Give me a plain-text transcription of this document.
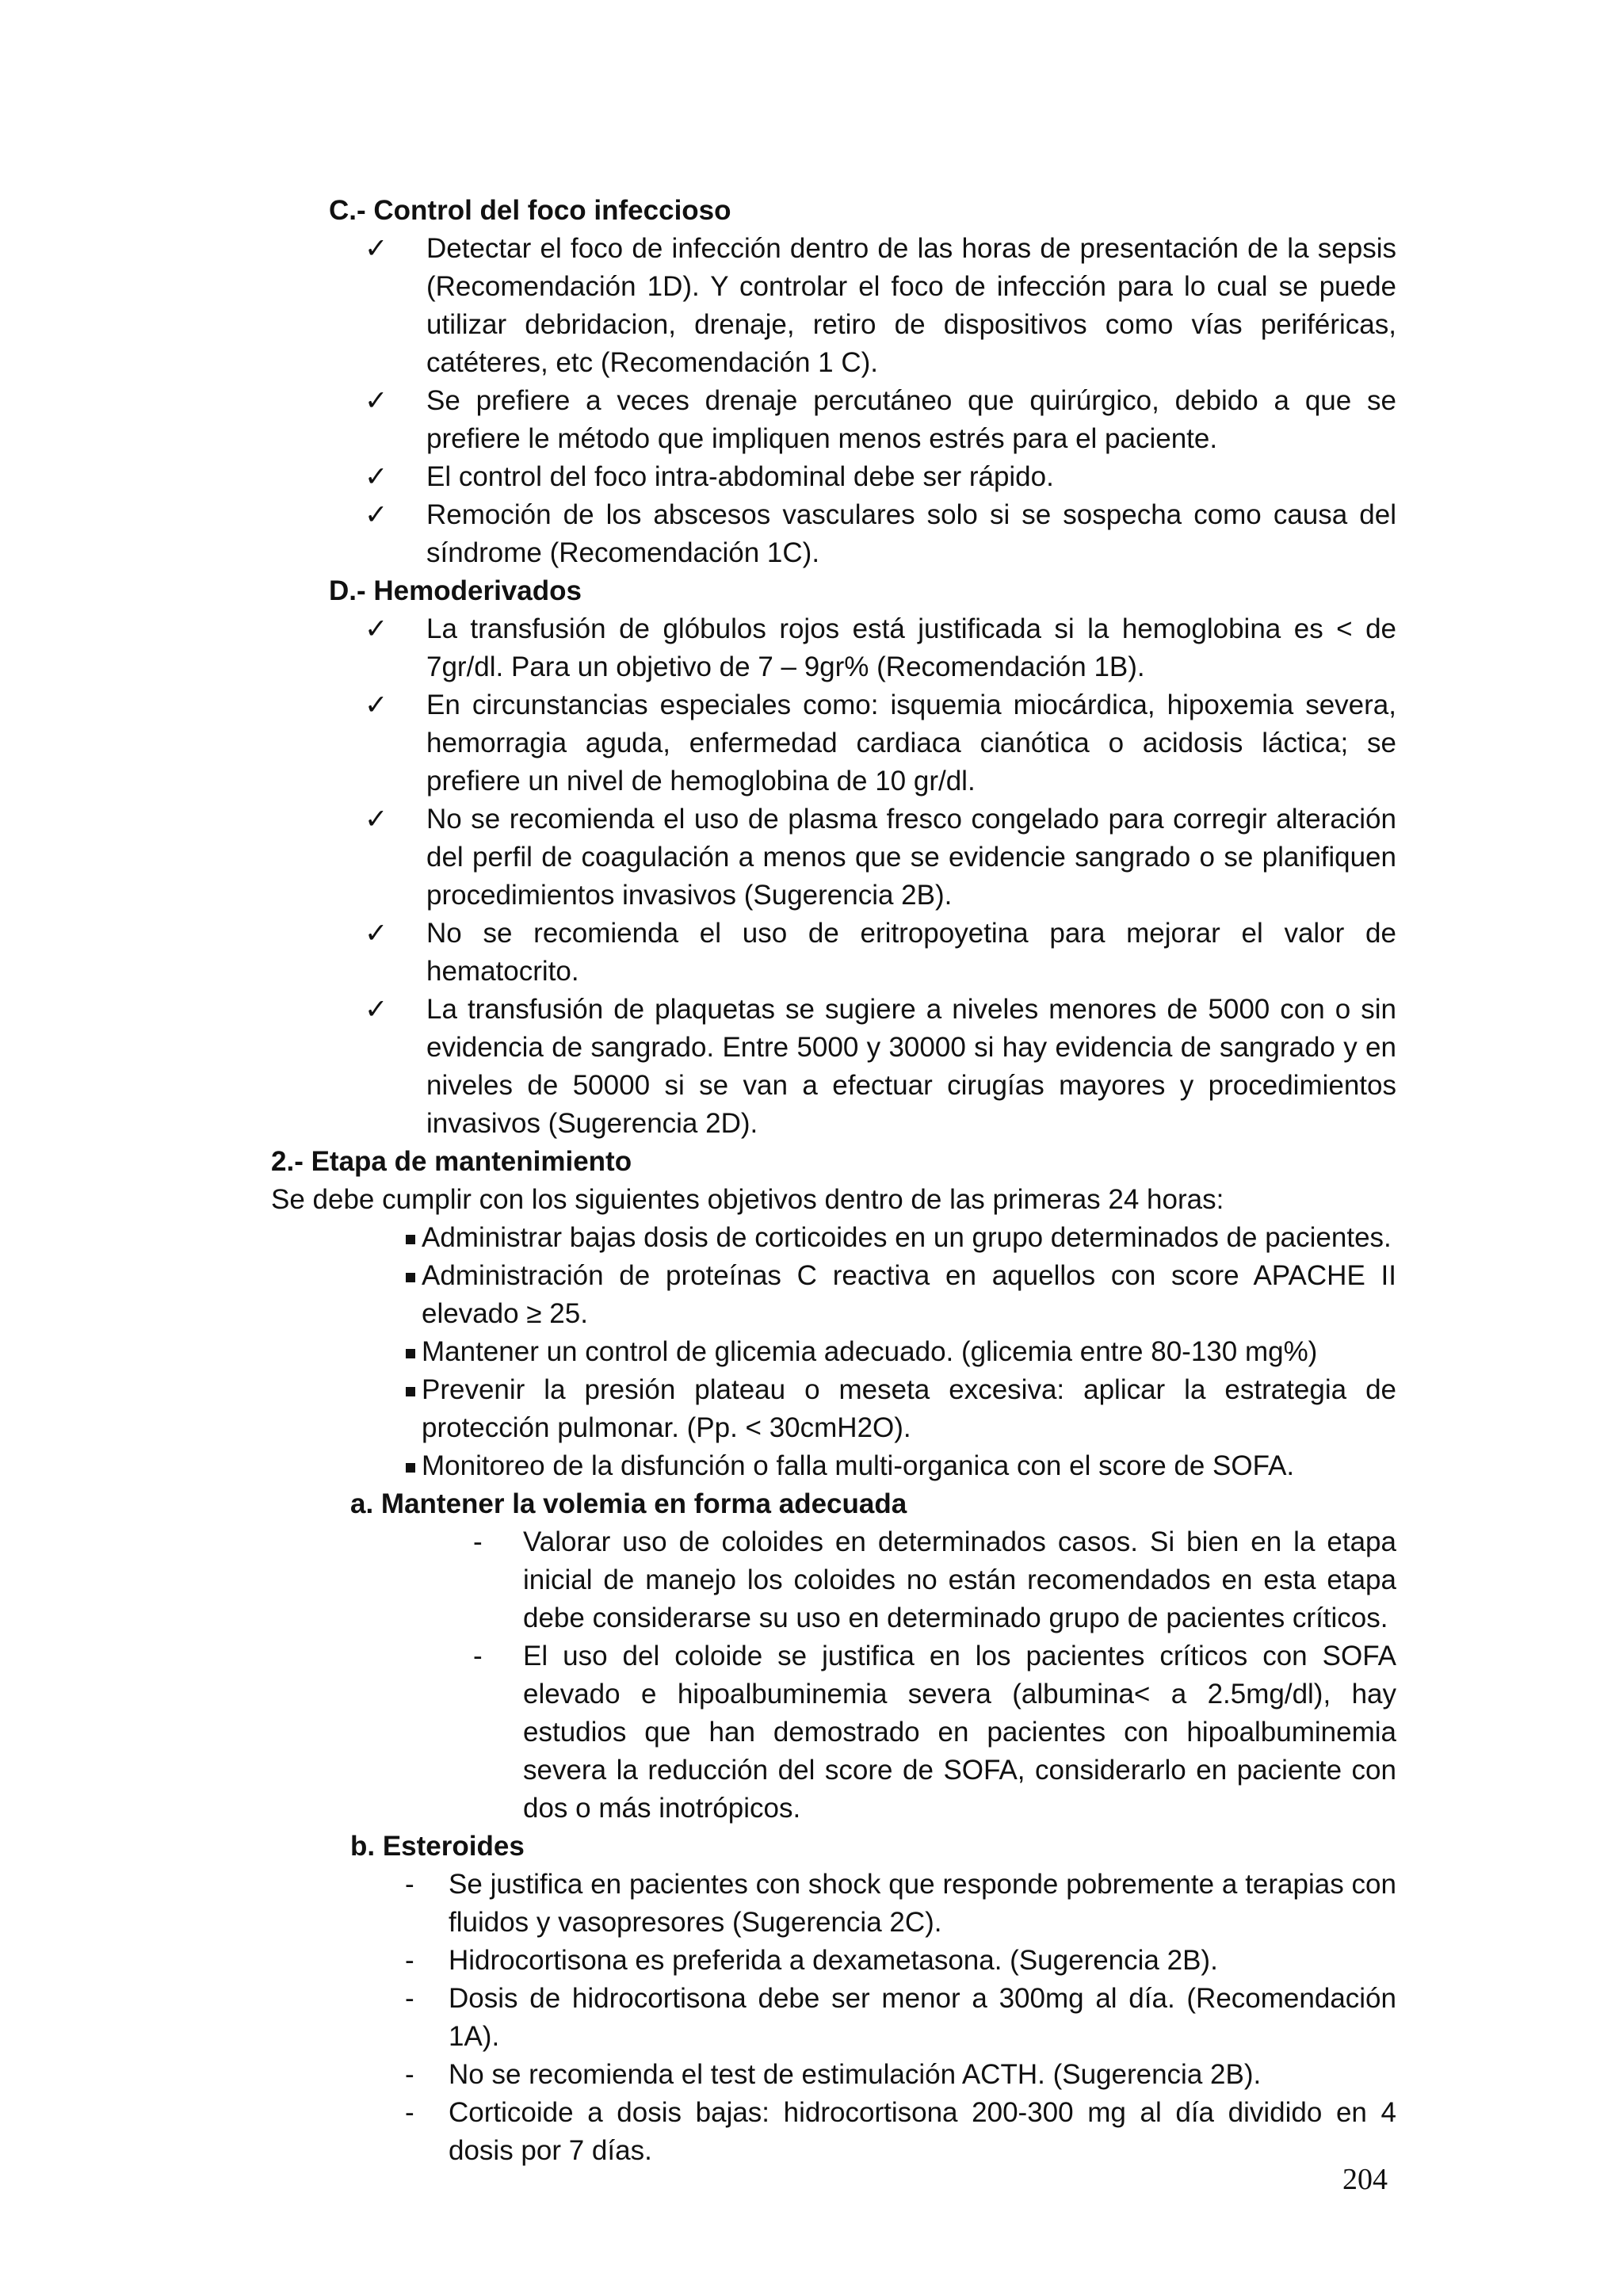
C.- Control del foco infeccioso
✓ Detectar el foco de infección dentro de las horas de presentación de la sepsis (Recomendación 1D). Y controlar el foco de infección para lo cual se puede utilizar debridacion, drenaje, retiro de dispositivos como vías periféricas, catéteres, etc (Recomendación 1 C).
✓ Se prefiere a veces drenaje percutáneo que quirúrgico, debido a que se prefiere le método que impliquen menos estrés para el paciente.
✓ El control del foco intra-abdominal debe ser rápido.
✓ Remoción de los abscesos vasculares solo si se sospecha como causa del síndrome (Recomendación 1C).
D.- Hemoderivados
✓ La transfusión de glóbulos rojos está justificada si la hemoglobina es < de 7gr/dl. Para un objetivo de 7 – 9gr% (Recomendación 1B).
✓ En circunstancias especiales como: isquemia miocárdica, hipoxemia severa, hemorragia aguda, enfermedad cardiaca cianótica o acidosis láctica; se prefiere un nivel de hemoglobina de 10 gr/dl.
✓ No se recomienda el uso de plasma fresco congelado para corregir alteración del perfil de coagulación a menos que se evidencie sangrado o se planifiquen procedimientos invasivos (Sugerencia 2B).
✓ No se recomienda el uso de eritropoyetina para mejorar el valor de hematocrito.
✓ La transfusión de plaquetas se sugiere a niveles menores de 5000 con o sin evidencia de sangrado. Entre 5000 y 30000 si hay evidencia de sangrado y en niveles de 50000 si se van a efectuar cirugías mayores y procedimientos invasivos (Sugerencia 2D).
2.- Etapa de mantenimiento
Se debe cumplir con los siguientes objetivos dentro de las primeras 24 horas:
Administrar bajas dosis de corticoides en un grupo determinados de pacientes.
Administración de proteínas C reactiva en aquellos con score APACHE II elevado ≥ 25.
Mantener un control de glicemia adecuado. (glicemia entre 80-130 mg%)
Prevenir la presión plateau o meseta excesiva: aplicar la estrategia de protección pulmonar. (Pp. < 30cmH2O).
Monitoreo de la disfunción o falla multi-organica con el score de SOFA.
a. Mantener la volemia en forma adecuada
- Valorar uso de coloides en determinados casos. Si bien en la etapa inicial de manejo los coloides no están recomendados en esta etapa debe considerarse su uso en determinado grupo de pacientes críticos.
- El uso del coloide se justifica en los pacientes críticos con SOFA elevado e hipoalbuminemia severa (albumina< a 2.5mg/dl), hay estudios que han demostrado en pacientes con hipoalbuminemia severa la reducción del score de SOFA, considerarlo en paciente con dos o más inotrópicos.
b. Esteroides
- Se justifica en pacientes con shock que responde pobremente a terapias con fluidos y vasopresores (Sugerencia 2C).
- Hidrocortisona es preferida a dexametasona. (Sugerencia 2B).
- Dosis de hidrocortisona debe ser menor a 300mg al día. (Recomendación 1A).
- No se recomienda el test de estimulación ACTH. (Sugerencia 2B).
- Corticoide a dosis bajas: hidrocortisona 200-300 mg al día dividido en 4 dosis por 7 días.
204
